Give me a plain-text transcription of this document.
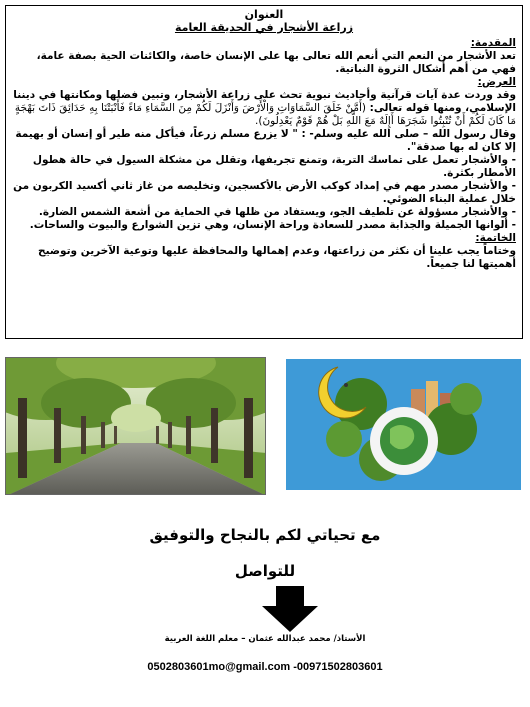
العنوان

زراعة الأشجار في الحديقة العامة

المقدمة:

تعد الأشجار من النعم التي أنعم الله تعالى بها على الإنسان خاصة، والكائنات الحية بصفة عامة، فهي من أهم أشكال الثروة النباتية.

العرض:

وقد وردت عدة آيات قرآنية وأحاديث نبوية تحث على زراعة الأشجار، وتبين فضلها ومكانتها في ديننا الإسلامي، ومنها قوله تعالى: (أَمَّنْ خَلَقَ السَّمَاوَاتِ وَالْأَرْضَ وَأَنْزَلَ لَكُمْ مِنَ السَّمَاءِ مَاءً فَأَنْبَتْنَا بِهِ حَدَائِقَ ذَاتَ بَهْجَةٍ مَا كَانَ لَكُمْ أَنْ تُنْبِتُوا شَجَرَهَا أَإِلَهٌ مَعَ اللَّهِ بَلْ هُمْ قَوْمٌ يَعْدِلُونَ).

وقال رسول الله – صلى الله عليه وسلم- : " لا يزرع مسلم زرعاً، فيأكل منه طير أو إنسان أو بهيمة إلا كان له بها صدقة".

- والأشجار تعمل على تماسك التربة، وتمنع تجريفها، وتقلل من مشكلة السيول في حالة هطول الأمطار بكثرة.

- والأشجار مصدر مهم في إمداد كوكب الأرض بالأكسجين، وتخليصه من غاز ثاني أكسيد الكربون من خلال عملية البناء الضوئي.

- والأشجار مسؤولة عن تلطيف الجو، ويستفاد من ظلها في الحماية من أشعة الشمس الضارة.

- ألوانها الجميلة والجذابة مصدر للسعادة وراحة الإنسان، وهي تزين الشوارع والبيوت والساحات.

الخاتمة:

وختاماً يجب علينا أن نكثر من زراعتها، وعدم إهمالها والمحافظة عليها وتوعية الآخرين وتوضيح أهميتها لنا جميعاً.

مع تحياتي لكم بالنجاح والتوفيق
للتواصل
الأستاذ/ محمد عبدالله عثمان – معلم اللغة العربية
0502803601mo@gmail.com -00971502803601
